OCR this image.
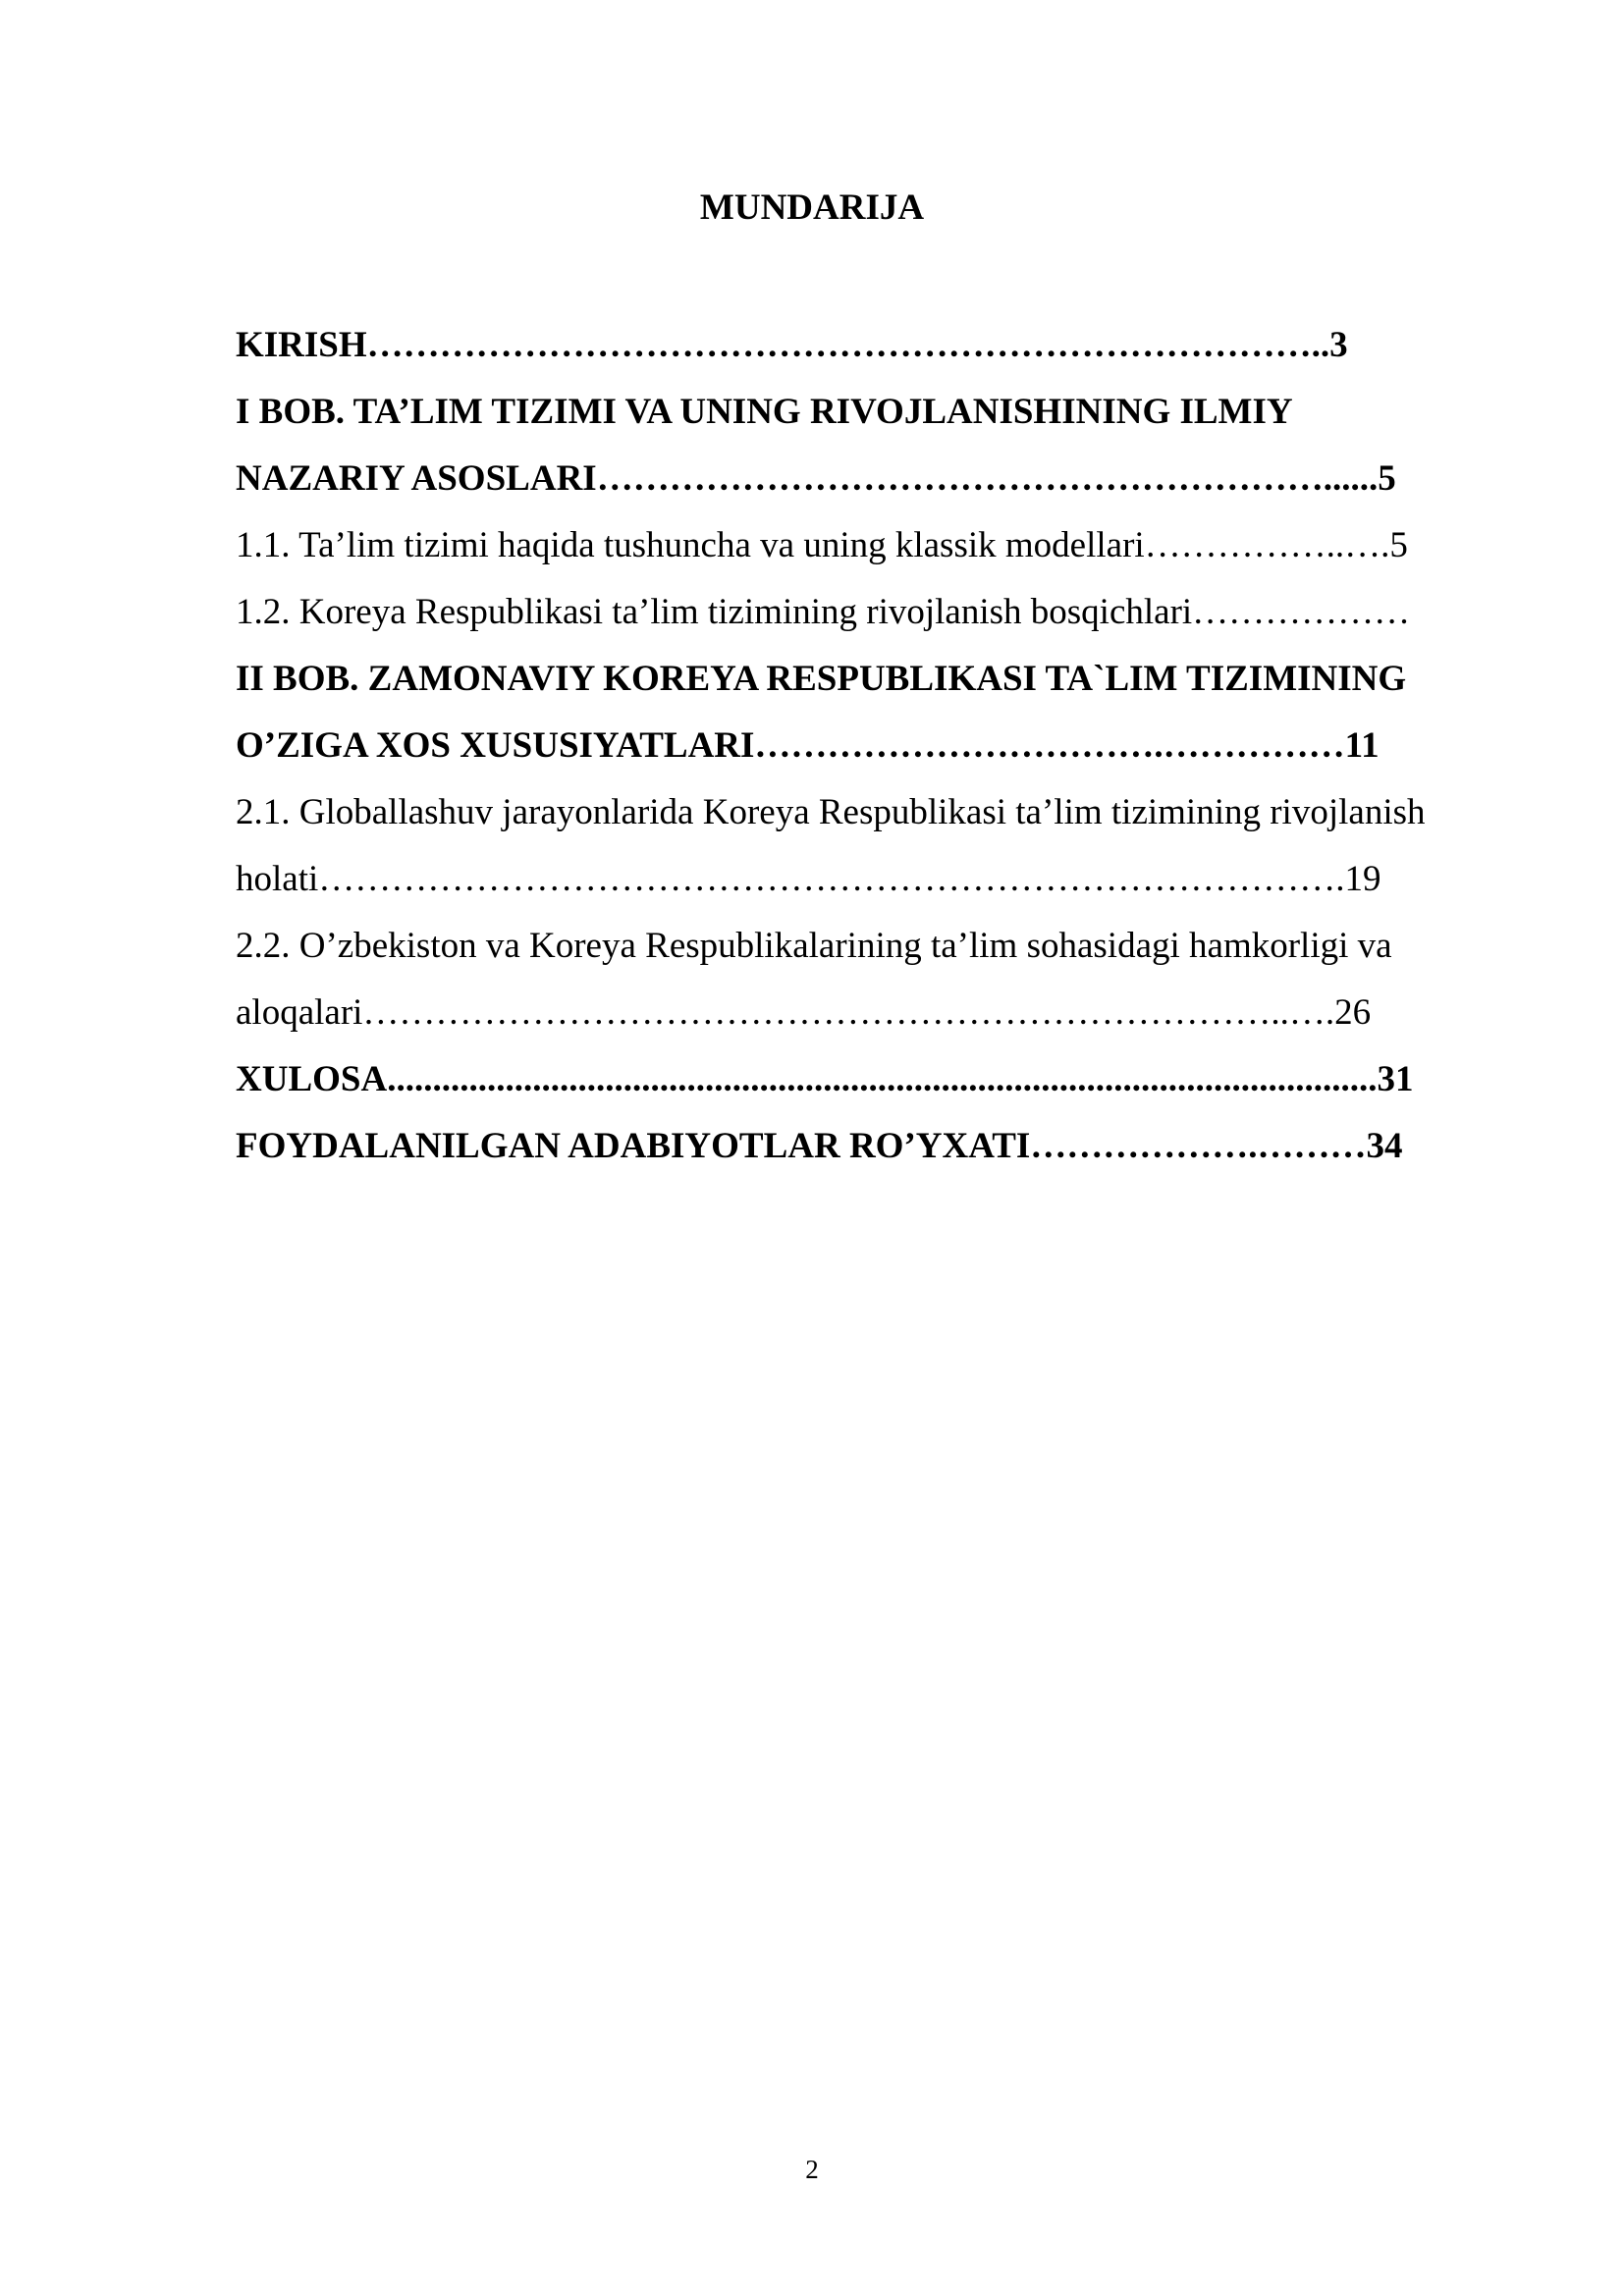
MUNDARIJA
KIRISH……………………………………………………………………..3
I BOB. TA’LIM TIZIMI VA UNING RIVOJLANISHINING ILMIY
NAZARIY ASOSLARI……………………………………………………......5
1.1. Ta’lim tizimi haqida tushuncha va uning klassik modellari……………..….5
1.2. Koreya Respublikasi ta’lim tizimining rivojlanish bosqichlari………………
II BOB. ZAMONAVIY KOREYA RESPUBLIKASI TA`LIM TIZIMINING
O’ZIGA XOS XUSUSIYATLARI…………………………….……………11
2.1. Globallashuv jarayonlarida Koreya Respublikasi ta’lim tizimining rivojlanish
holati………………………………………………………………………….19
2.2. O’zbekiston va Koreya Respublikalarining ta’lim sohasidagi hamkorligi va
aloqalari…………………………………………………………………..….26
XULOSA.............................................................................................................31
FOYDALANILGAN ADABIYOTLAR RO’YXATI……………….………34
2
